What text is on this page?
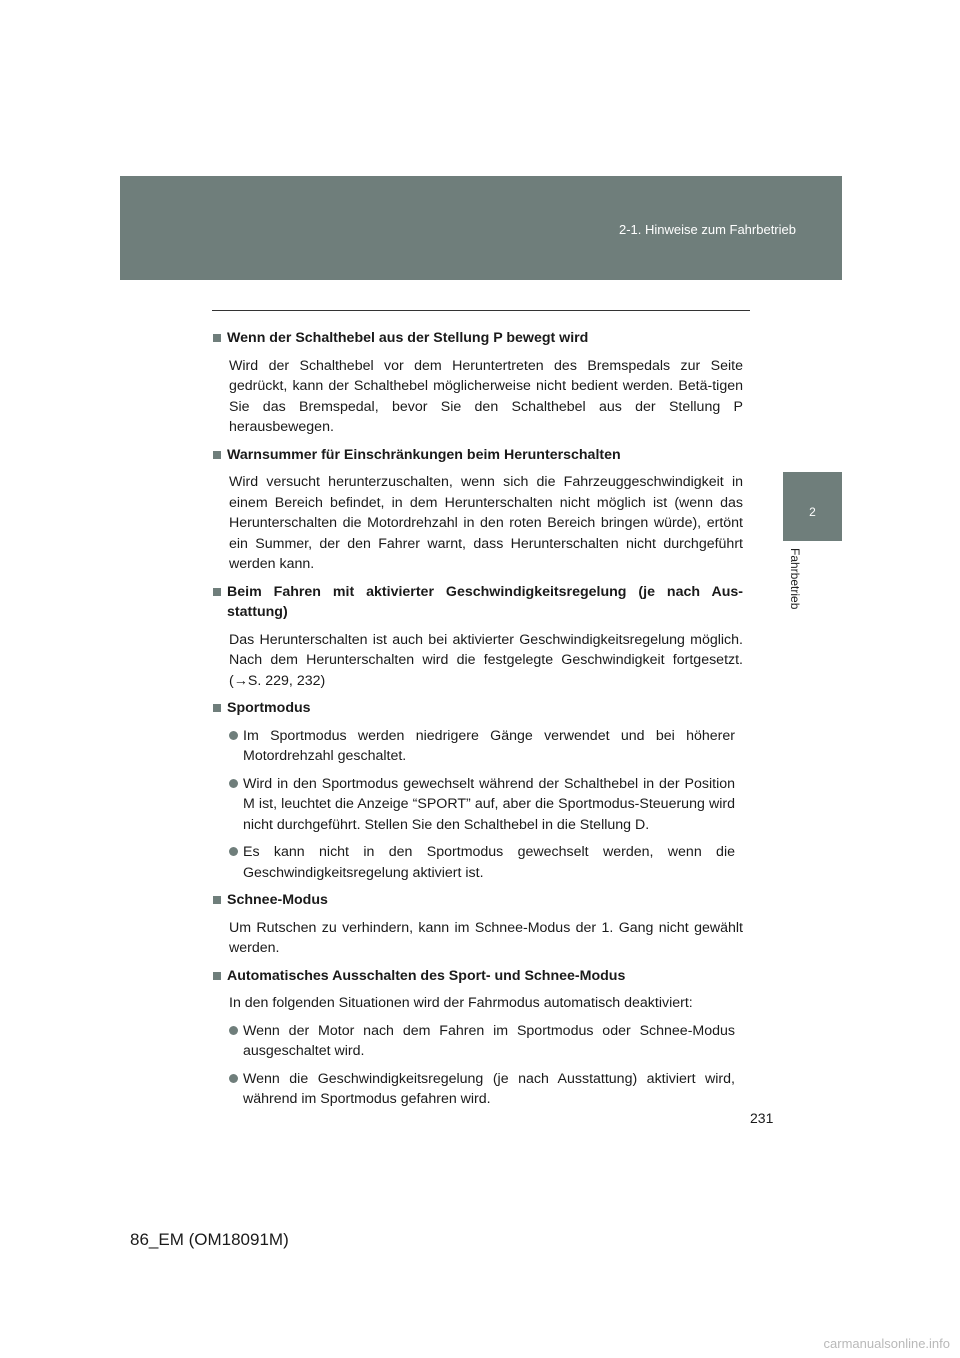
2-1. Hinweise zum Fahrbetrieb
2
Fahrbetrieb
Wenn der Schalthebel aus der Stellung P bewegt wird
Wird der Schalthebel vor dem Heruntertreten des Bremspedals zur Seite gedrückt, kann der Schalthebel möglicherweise nicht bedient werden. Betä-tigen Sie das Bremspedal, bevor Sie den Schalthebel aus der Stellung P herausbewegen.
Warnsummer für Einschränkungen beim Herunterschalten
Wird versucht herunterzuschalten, wenn sich die Fahrzeuggeschwindigkeit in einem Bereich befindet, in dem Herunterschalten nicht möglich ist (wenn das Herunterschalten die Motordrehzahl in den roten Bereich bringen würde), ertönt ein Summer, der den Fahrer warnt, dass Herunterschalten nicht durchgeführt werden kann.
Beim Fahren mit aktivierter Geschwindigkeitsregelung (je nach Aus-stattung)
Das Herunterschalten ist auch bei aktivierter Geschwindigkeitsregelung möglich. Nach dem Herunterschalten wird die festgelegte Geschwindigkeit fortgesetzt. (→S. 229, 232)
Sportmodus
Im Sportmodus werden niedrigere Gänge verwendet und bei höherer Motordrehzahl geschaltet.
Wird in den Sportmodus gewechselt während der Schalthebel in der Position M ist, leuchtet die Anzeige “SPORT” auf, aber die Sportmodus-Steuerung wird nicht durchgeführt. Stellen Sie den Schalthebel in die Stellung D.
Es kann nicht in den Sportmodus gewechselt werden, wenn die Geschwindigkeitsregelung aktiviert ist.
Schnee-Modus
Um Rutschen zu verhindern, kann im Schnee-Modus der 1. Gang nicht gewählt werden.
Automatisches Ausschalten des Sport- und Schnee-Modus
In den folgenden Situationen wird der Fahrmodus automatisch deaktiviert:
Wenn der Motor nach dem Fahren im Sportmodus oder Schnee-Modus ausgeschaltet wird.
Wenn die Geschwindigkeitsregelung (je nach Ausstattung) aktiviert wird, während im Sportmodus gefahren wird.
231
86_EM (OM18091M)
carmanualsonline.info
